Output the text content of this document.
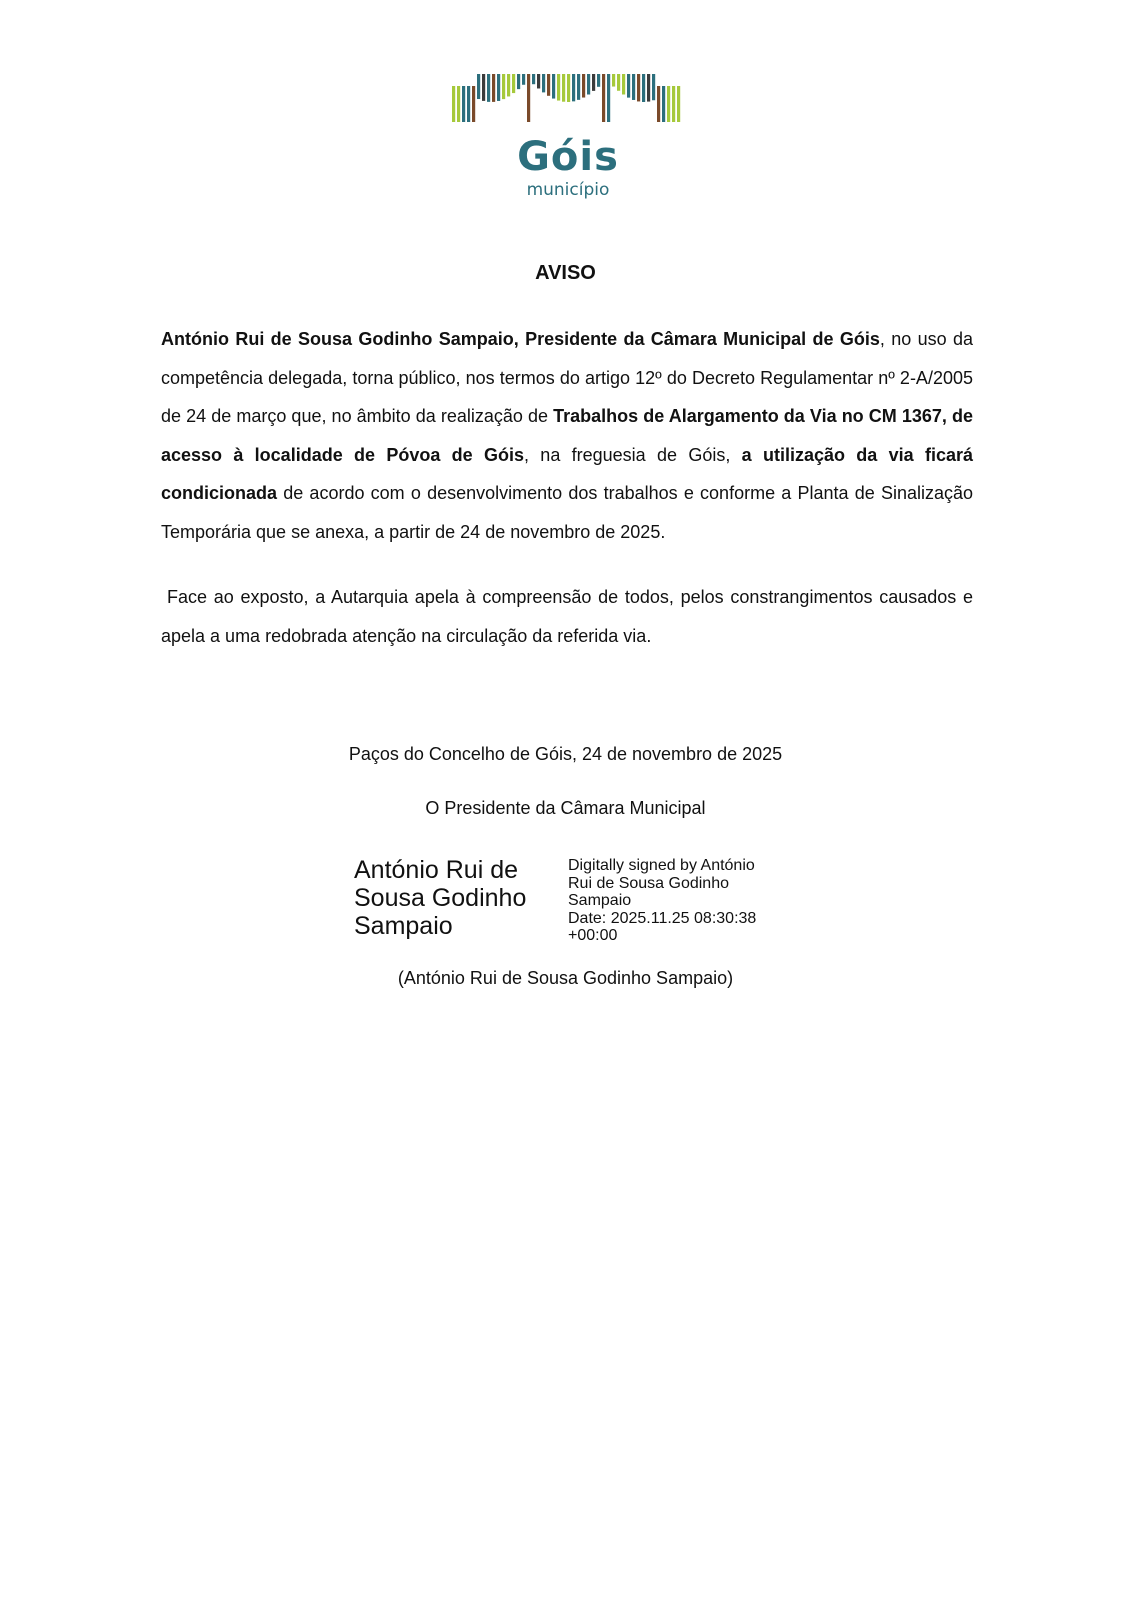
Góis
município
AVISO

António Rui de Sousa Godinho Sampaio, Presidente da Câmara Municipal de Góis, no uso da competência delegada, torna público, nos termos do artigo 12º do Decreto Regulamentar nº 2-A/2005 de 24 de março que, no âmbito da realização de Trabalhos de Alargamento da Via no CM 1367, de acesso à localidade de Póvoa de Góis, na freguesia de Góis, a utilização da via ficará condicionada de acordo com o desenvolvimento dos trabalhos e conforme a Planta de Sinalização Temporária que se anexa, a partir de 24 de novembro de 2025.

Face ao exposto, a Autarquia apela à compreensão de todos, pelos constrangimentos causados e apela a uma redobrada atenção na circulação da referida via.

Paços do Concelho de Góis, 24 de novembro de 2025
O Presidente da Câmara Municipal
António Rui de
Sousa Godinho
Sampaio
Digitally signed by António
Rui de Sousa Godinho
Sampaio
Date: 2025.11.25 08:30:38
+00:00
(António Rui de Sousa Godinho Sampaio)
